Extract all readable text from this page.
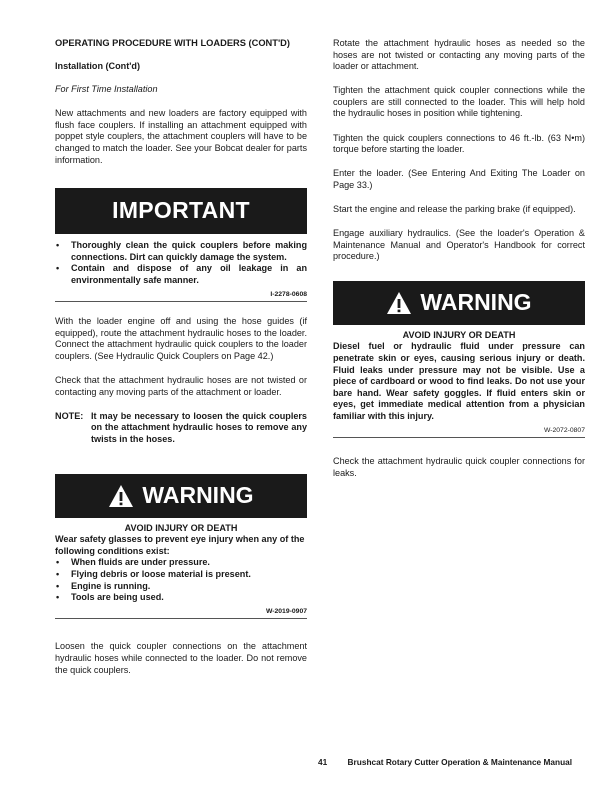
OPERATING PROCEDURE WITH LOADERS (CONT'D)

Installation (Cont'd)

For First Time Installation

New attachments and new loaders are factory equipped with flush face couplers. If installing an attachment equipped with poppet style couplers, the attachment couplers will have to be changed to match the loader. See your Bobcat dealer for parts information.

IMPORTANT
• Thoroughly clean the quick couplers before making connections. Dirt can quickly damage the system.
• Contain and dispose of any oil leakage in an environmentally safe manner.
I-2278-0608

With the loader engine off and using the hose guides (if equipped), route the attachment hydraulic hoses to the loader. Connect the attachment hydraulic quick couplers to the loader couplers. (See Hydraulic Quick Couplers on Page 42.)

Check that the attachment hydraulic hoses are not twisted or contacting any moving parts of the attachment or loader.

NOTE: It may be necessary to loosen the quick couplers on the attachment hydraulic hoses to remove any twists in the hoses.
WARNING
AVOID INJURY OR DEATH
Wear safety glasses to prevent eye injury when any of the following conditions exist:
• When fluids are under pressure.
• Flying debris or loose material is present.
• Engine is running.
• Tools are being used.
W-2019-0907

Loosen the quick coupler connections on the attachment hydraulic hoses while connected to the loader. Do not remove the quick couplers.

Rotate the attachment hydraulic hoses as needed so the hoses are not twisted or contacting any moving parts of the loader or attachment.

Tighten the attachment quick coupler connections while the couplers are still connected to the loader. This will help hold the hydraulic hoses in position while tightening.

Tighten the quick couplers connections to 46 ft.-lb. (63 N•m) torque before starting the loader.

Enter the loader. (See Entering And Exiting The Loader on Page 33.)

Start the engine and release the parking brake (if equipped).

Engage auxiliary hydraulics. (See the loader's Operation & Maintenance Manual and Operator's Handbook for correct procedure.)

WARNING
AVOID INJURY OR DEATH
Diesel fuel or hydraulic fluid under pressure can penetrate skin or eyes, causing serious injury or death. Fluid leaks under pressure may not be visible. Use a piece of cardboard or wood to find leaks. Do not use your bare hand. Wear safety goggles. If fluid enters skin or eyes, get immediate medical attention from a physician familiar with this injury.
W-2072-0807

Check the attachment hydraulic quick coupler connections for leaks.

41 Brushcat Rotary Cutter Operation & Maintenance Manual
